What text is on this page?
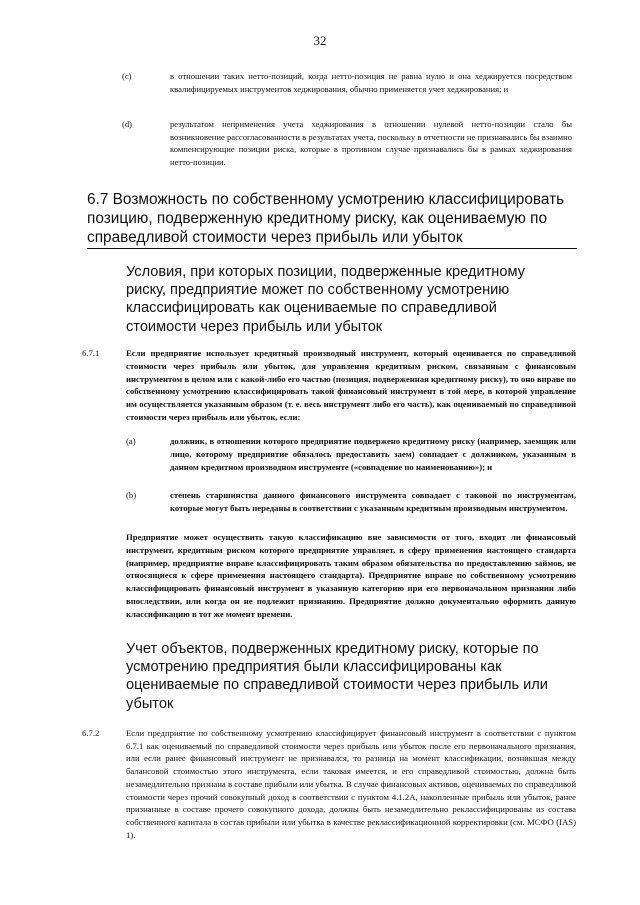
32
(c)	в отношении таких нетто-позиций, когда нетто-позиция не равна нулю и она хеджируется посредством квалифицируемых инструментов хеджирования, обычно применяется учет хеджирования; и
(d)	результатом неприменения учета хеджирования в отношении нулевой нетто-позиции стало бы возникновение рассогласованности в результатах учета, поскольку в отчетности не признавались бы взаимно компенсирующие позиции риска, которые в противном случае признавались бы в рамках хеджирования нетто-позиции.
6.7 Возможность по собственному усмотрению классифицировать позицию, подверженную кредитному риску, как оцениваемую по справедливой стоимости через прибыль или убыток
Условия, при которых позиции, подверженные кредитному риску, предприятие может по собственному усмотрению классифицировать как оцениваемые по справедливой стоимости через прибыль или убыток
6.7.1	Если предприятие использует кредитный производный инструмент, который оценивается по справедливой стоимости через прибыль или убыток, для управления кредитным риском, связанным с финансовым инструментом в целом или с какой-либо его частью (позиция, подверженная кредитному риску), то оно вправе по собственному усмотрению классифицировать такой финансовый инструмент в той мере, в которой управление им осуществляется указанным образом (т. е. весь инструмент либо его часть), как оцениваемый по справедливой стоимости через прибыль или убыток, если:
(a)	должник, в отношении которого предприятие подвержено кредитному риску (например, заемщик или лицо, которому предприятие обязалось предоставить заем) совпадает с должником, указанным в данном кредитном производном инструменте («совпадение по наименованию»); и
(b)	степень старшинства данного финансового инструмента совпадает с таковой по инструментам, которые могут быть переданы в соответствии с указанным кредитным производным инструментом.
Предприятие может осуществить такую классификацию вне зависимости от того, входит ли финансовый инструмент, кредитным риском которого предприятие управляет, в сферу применения настоящего стандарта (например, предприятие вправе классифицировать таким образом обязательства по предоставлению займов, не относящиеся к сфере применения настоящего стандарта). Предприятие вправе по собственному усмотрению классифицировать финансовый инструмент в указанную категорию при его первоначальном признании либо впоследствии, или когда он не подлежит признанию. Предприятие должно документально оформить данную классификацию в тот же момент времени.
Учет объектов, подверженных кредитному риску, которые по усмотрению предприятия были классифицированы как оцениваемые по справедливой стоимости через прибыль или убыток
6.7.2	Если предприятие по собственному усмотрению классифицирует финансовый инструмент в соответствии с пунктом 6.7.1 как оцениваемый по справедливой стоимости через прибыль или убыток после его первоначального признания, или если ранее финансовый инструмент не признавался, то разница на момент классификации, возникшая между балансовой стоимостью этого инструмента, если таковая имеется, и его справедливой стоимостью, должна быть незамедлительно признана в составе прибыли или убытка. В случае финансовых активов, оцениваемых по справедливой стоимости через прочий совокупный доход в соответствии с пунктом 4.1.2А, накопленные прибыль или убыток, ранее признанные в составе прочего совокупного дохода, должны быть незамедлительно реклассифицированы из состава собственного капитала в состав прибыли или убытка в качестве реклассификационной корректировки (см. МСФО (IAS) 1).
